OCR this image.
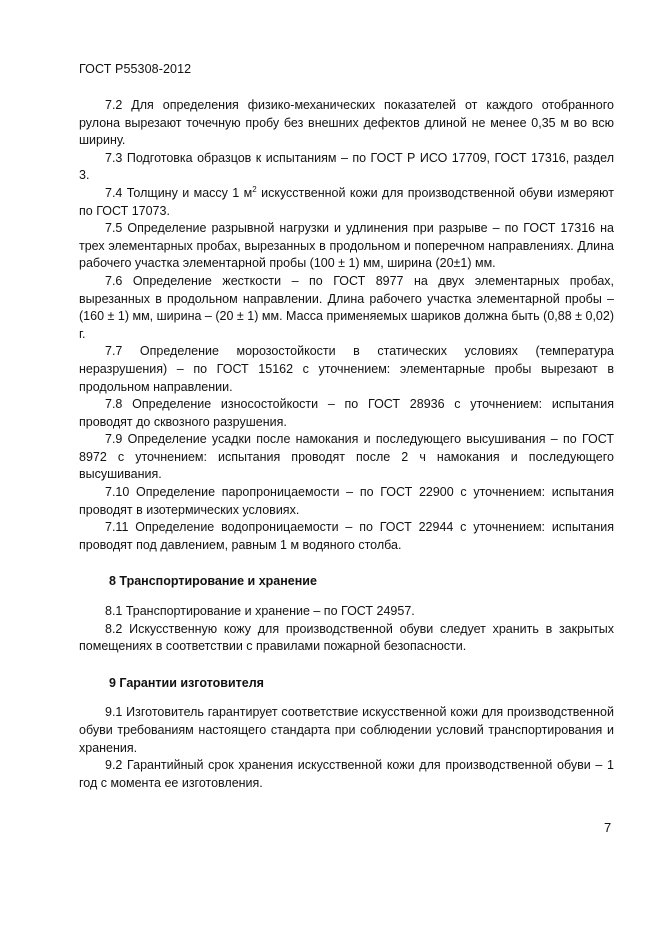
ГОСТ Р55308-2012

7.2 Для определения физико-механических показателей от каждого отобранного рулона вырезают точечную пробу без внешних дефектов длиной не менее 0,35 м во всю ширину.

7.3 Подготовка образцов к испытаниям – по ГОСТ Р ИСО 17709, ГОСТ 17316, раздел 3.

7.4 Толщину и массу 1 $м^2$ искусственной кожи для производственной обуви измеряют по ГОСТ 17073.

7.5 Определение разрывной нагрузки и удлинения при разрыве – по ГОСТ 17316 на трех элементарных пробах, вырезанных в продольном и поперечном направлениях. Длина рабочего участка элементарной пробы (100 ± 1) мм, ширина (20±1) мм.

7.6 Определение жесткости – по ГОСТ 8977 на двух элементарных пробах, вырезанных в продольном направлении. Длина рабочего участка элементарной пробы – (160 ± 1) мм, ширина – (20 ± 1) мм. Масса применяемых шариков должна быть (0,88 ± 0,02) г.

7.7 Определение морозостойкости в статических условиях (температура неразрушения) – по ГОСТ 15162 с уточнением: элементарные пробы вырезают в продольном направлении.

7.8 Определение износостойкости – по ГОСТ 28936 с уточнением: испытания проводят до сквозного разрушения.

7.9 Определение усадки после намокания и последующего высушивания – по ГОСТ 8972 с уточнением: испытания проводят после 2 ч намокания и последующего высушивания.

7.10 Определение паропроницаемости – по ГОСТ 22900 с уточнением: испытания проводят в изотермических условиях.

7.11 Определение водопроницаемости – по ГОСТ 22944 с уточнением: испытания проводят под давлением, равным 1 м водяного столба.

8 Транспортирование и хранение

8.1 Транспортирование и хранение – по ГОСТ 24957.

8.2 Искусственную кожу для производственной обуви следует хранить в закрытых помещениях в соответствии с правилами пожарной безопасности.

9 Гарантии изготовителя

9.1 Изготовитель гарантирует соответствие искусственной кожи для производственной обуви требованиям настоящего стандарта при соблюдении условий транспортирования и хранения.

9.2 Гарантийный срок хранения искусственной кожи для производственной обуви – 1 год с момента ее изготовления.

7
